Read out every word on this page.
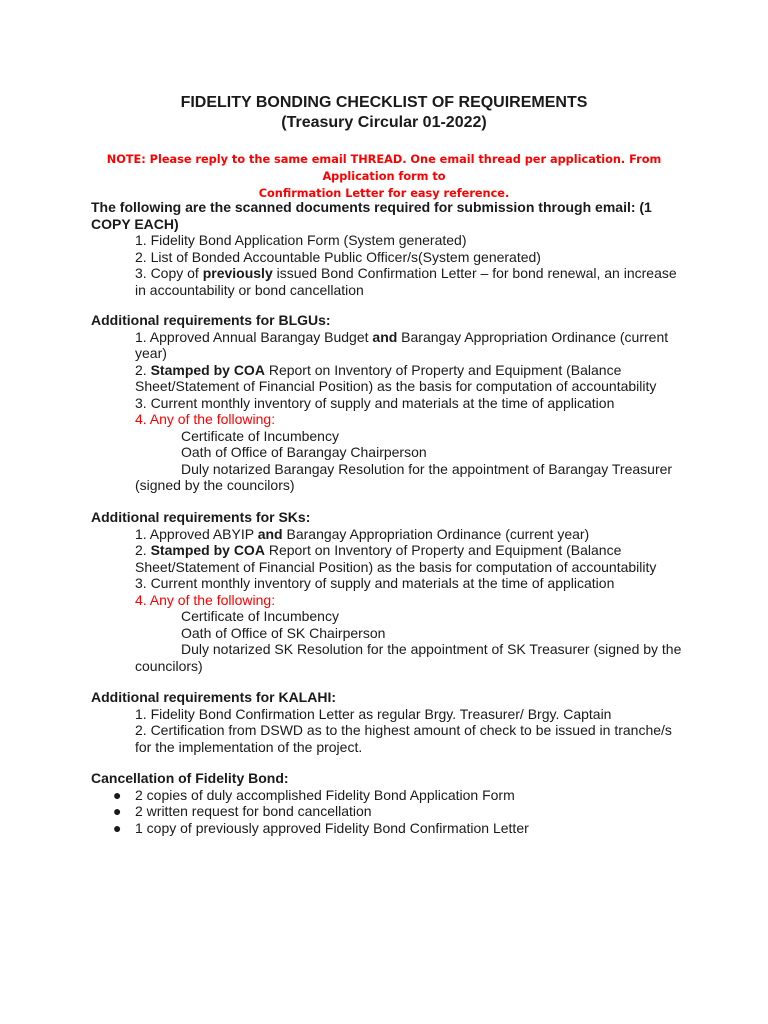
FIDELITY BONDING CHECKLIST OF REQUIREMENTS
(Treasury Circular 01-2022)
NOTE: Please reply to the same email THREAD. One email thread per application. From Application form to
Confirmation Letter for easy reference.
The following are the scanned documents required for submission through email: (1
COPY EACH)
1. Fidelity Bond Application Form (System generated)
2. List of Bonded Accountable Public Officer/s(System generated)
3. Copy of previously issued Bond Confirmation Letter – for bond renewal, an increase
in accountability or bond cancellation
Additional requirements for BLGUs:
1. Approved Annual Barangay Budget and Barangay Appropriation Ordinance (current
year)
2. Stamped by COA Report on Inventory of Property and Equipment (Balance
Sheet/Statement of Financial Position) as the basis for computation of accountability
3. Current monthly inventory of supply and materials at the time of application
4. Any of the following:
Certificate of Incumbency
Oath of Office of Barangay Chairperson
Duly notarized Barangay Resolution for the appointment of Barangay Treasurer
(signed by the councilors)
Additional requirements for SKs:
1. Approved ABYIP and Barangay Appropriation Ordinance (current year)
2. Stamped by COA Report on Inventory of Property and Equipment (Balance
Sheet/Statement of Financial Position) as the basis for computation of accountability
3. Current monthly inventory of supply and materials at the time of application
4. Any of the following:
Certificate of Incumbency
Oath of Office of SK Chairperson
Duly notarized SK Resolution for the appointment of SK Treasurer (signed by the
councilors)
Additional requirements for KALAHI:
1. Fidelity Bond Confirmation Letter as regular Brgy. Treasurer/ Brgy. Captain
2. Certification from DSWD as to the highest amount of check to be issued in tranche/s
for the implementation of the project.
Cancellation of Fidelity Bond:
● 2 copies of duly accomplished Fidelity Bond Application Form
● 2 written request for bond cancellation
● 1 copy of previously approved Fidelity Bond Confirmation Letter
